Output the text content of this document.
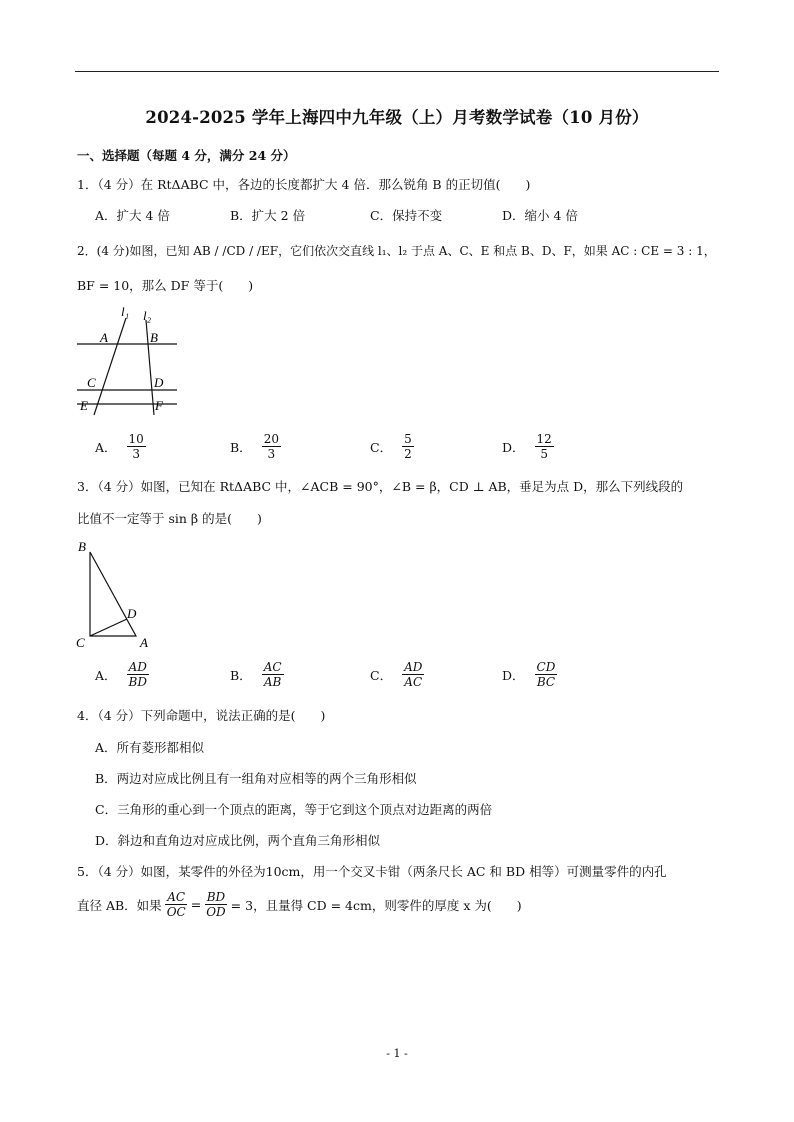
2024-2025 学年上海四中九年级（上）月考数学试卷（10 月份）
一、选择题（每题 4 分，满分 24 分）
1．（4 分）在 RtΔABC 中，各边的长度都扩大 4 倍．那么锐角 B 的正切值(　　)
A．扩大 4 倍	B．扩大 2 倍	C．保持不变	D．缩小 4 倍
2．(4 分)如图，已知 AB / /CD / /EF，它们依次交直线 l₁、l₂ 于点 A、C、E 和点 B、D、F，如果 AC : CE = 3 : 1，
BF = 10，那么 DF 等于(　　)
l₁ l₂
A	B
C	D
E	F
A． $\frac{10}{3}$	B． $\frac{20}{3}$	C． $\frac{5}{2}$	D． $\frac{12}{5}$
3．（4 分）如图，已知在 RtΔABC 中，∠ACB = 90°，∠B = β，CD ⊥ AB，垂足为点 D，那么下列线段的
比值不一定等于 sin β 的是(　　)
B
D
C	A
A． $\frac{AD}{BD}$	B． $\frac{AC}{AB}$	C． $\frac{AD}{AC}$	D． $\frac{CD}{BC}$
4．（4 分）下列命题中，说法正确的是(　　)
A．所有菱形都相似
B．两边对应成比例且有一组角对应相等的两个三角形相似
C．三角形的重心到一个顶点的距离，等于它到这个顶点对边距离的两倍
D．斜边和直角边对应成比例，两个直角三角形相似
5．（4 分）如图，某零件的外径为10cm，用一个交叉卡钳（两条尺长 AC 和 BD 相等）可测量零件的内孔
直径 AB．如果 $\frac{AC}{OC} = \frac{BD}{OD} = 3$，且量得 CD = 4cm，则零件的厚度 x 为(　　)
- 1 -
